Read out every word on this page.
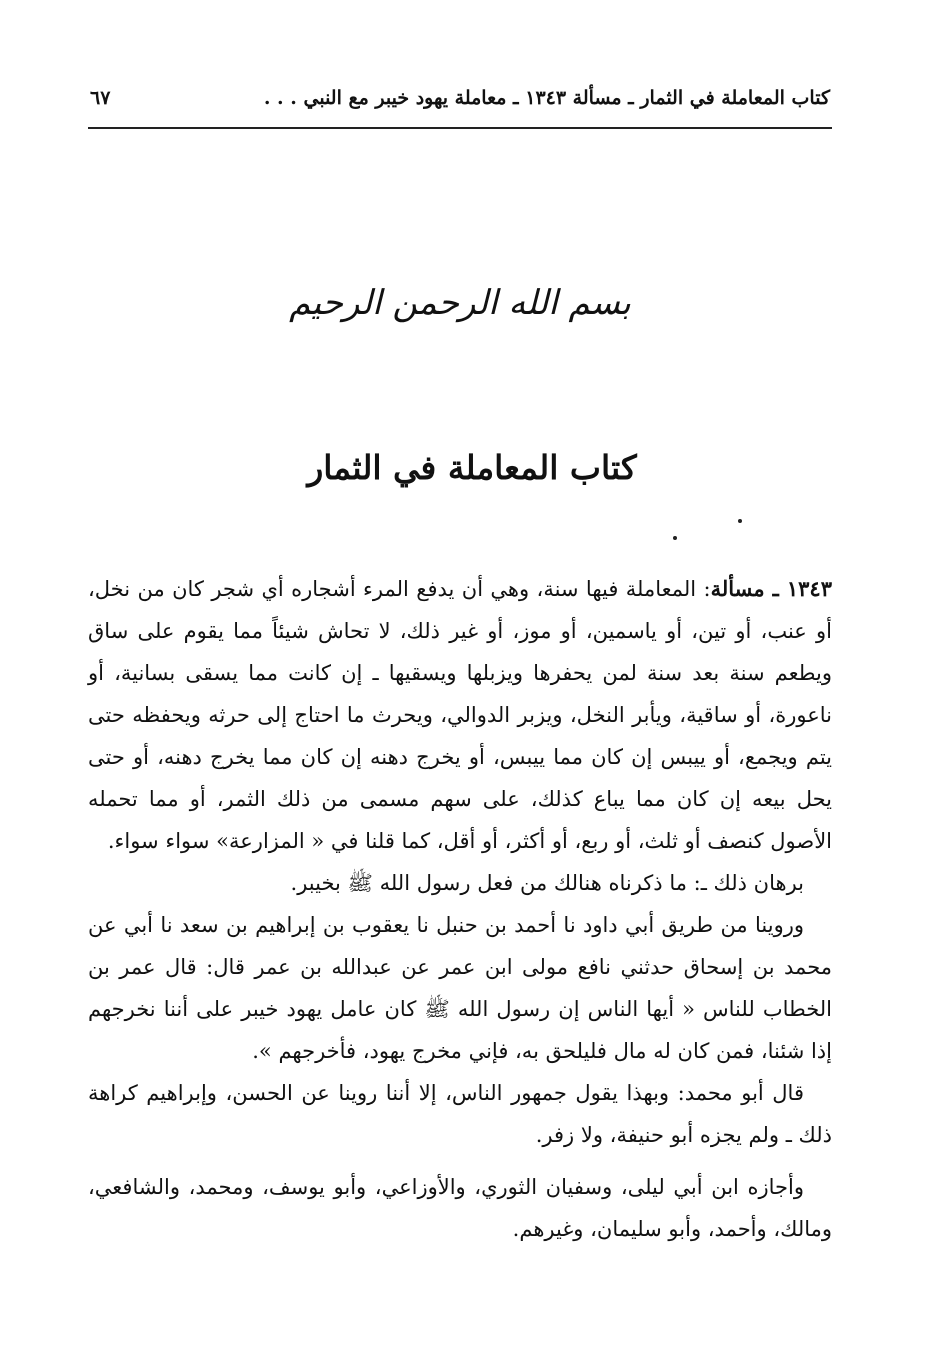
كتاب المعاملة في الثمار ـ مسألة ١٣٤٣ ـ معاملة يهود خيبر مع النبي . . .
٦٧
بسم الله الرحمن الرحيم
كتاب المعاملة في الثمار

١٣٤٣ ـ مسألة: المعاملة فيها سنة، وهي أن يدفع المرء أشجاره أي شجر كان من نخل، أو عنب، أو تين، أو ياسمين، أو موز، أو غير ذلك، لا تحاش شيئاً مما يقوم على ساق ويطعم سنة بعد سنة لمن يحفرها ويزبلها ويسقيها ـ إن كانت مما يسقى بسانية، أو ناعورة، أو ساقية، ويأبر النخل، ويزبر الدوالي، ويحرث ما احتاج إلى حرثه ويحفظه حتى يتم ويجمع، أو ييبس إن كان مما ييبس، أو يخرج دهنه إن كان مما يخرج دهنه، أو حتى يحل بيعه إن كان مما يباع كذلك، على سهم مسمى من ذلك الثمر، أو مما تحمله الأصول كنصف أو ثلث، أو ربع، أو أكثر، أو أقل، كما قلنا في « المزارعة» سواء سواء.

برهان ذلك ـ: ما ذكرناه هنالك من فعل رسول الله ﷺ بخيبر.

وروينا من طريق أبي داود نا أحمد بن حنبل نا يعقوب بن إبراهيم بن سعد نا أبي عن محمد بن إسحاق حدثني نافع مولى ابن عمر عن عبدالله بن عمر قال: قال عمر بن الخطاب للناس « أيها الناس إن رسول الله ﷺ كان عامل يهود خيبر على أننا نخرجهم إذا شئنا، فمن كان له مال فليلحق به، فإني مخرج يهود، فأخرجهم ».

قال أبو محمد: وبهذا يقول جمهور الناس، إلا أننا روينا عن الحسن، وإبراهيم كراهة ذلك ـ ولم يجزه أبو حنيفة، ولا زفر.

وأجازه ابن أبي ليلى، وسفيان الثوري، والأوزاعي، وأبو يوسف، ومحمد، والشافعي، ومالك، وأحمد، وأبو سليمان، وغيرهم.
